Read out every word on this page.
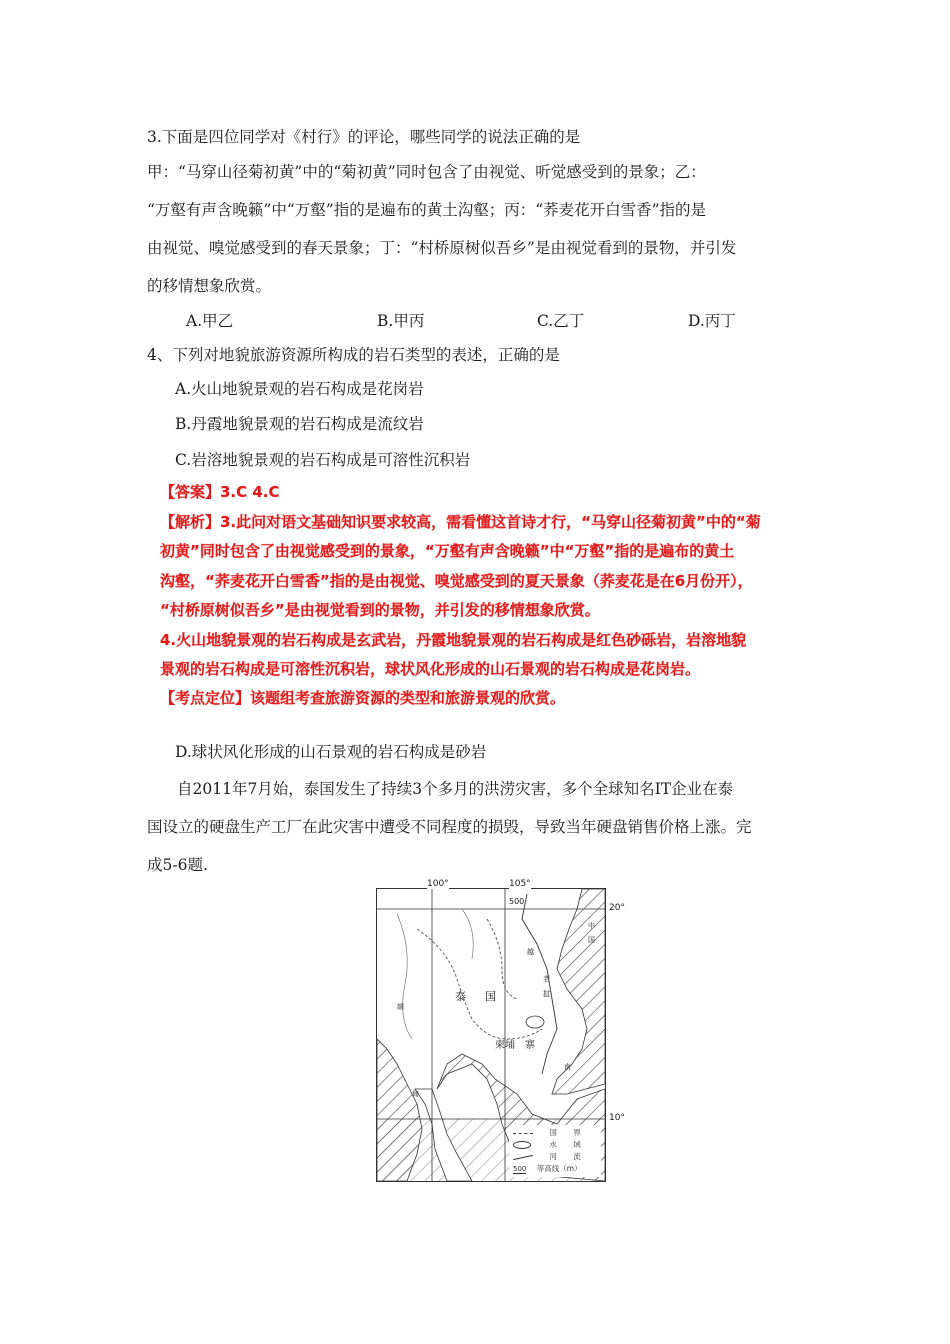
3.下面是四位同学对《村行》的评论，哪些同学的说法正确的是
甲：“马穿山径菊初黄”中的“菊初黄”同时包含了由视觉、听觉感受到的景象；乙：
“万壑有声含晚籁”中“万壑”指的是遍布的黄土沟壑；丙：“荞麦花开白雪香”指的是
由视觉、嗅觉感受到的春天景象；丁：“村桥原树似吾乡”是由视觉看到的景物，并引发
的移情想象欣赏。
A.甲乙	B.甲丙	C.乙丁	D.丙丁
4、下列对地貌旅游资源所构成的岩石类型的表述，正确的是
A.火山地貌景观的岩石构成是花岗岩
B.丹霞地貌景观的岩石构成是流纹岩
C.岩溶地貌景观的岩石构成是可溶性沉积岩
【答案】3.C 4.C
【解析】3.此问对语文基础知识要求较高，需看懂这首诗才行，“马穿山径菊初黄”中的“菊
初黄”同时包含了由视觉感受到的景象，“万壑有声含晚籁”中“万壑”指的是遍布的黄土
沟壑，“荞麦花开白雪香”指的是由视觉、嗅觉感受到的夏天景象（荞麦花是在6月份开），
“村桥原树似吾乡”是由视觉看到的景物，并引发的移情想象欣赏。
4.火山地貌景观的岩石构成是玄武岩，丹霞地貌景观的岩石构成是红色砂砾岩，岩溶地貌
景观的岩石构成是可溶性沉积岩，球状风化形成的山石景观的岩石构成是花岗岩。
【考点定位】该题组考查旅游资源的类型和旅游景观的欣赏。
D.球状风化形成的山石景观的岩石构成是砂岩
自2011年7月始，泰国发生了持续3个多月的洪涝灾害，多个全球知名IT企业在泰
国设立的硬盘生产工厂在此灾害中遭受不同程度的损毁，导致当年硬盘销售价格上涨。完
成5-6题.
100°	105°
20°
10°
500
泰 国
柬埔 寨
中
国
越
老
挝
缅
甸
南
国 界
水 域
河 流
500 等高线（m）
